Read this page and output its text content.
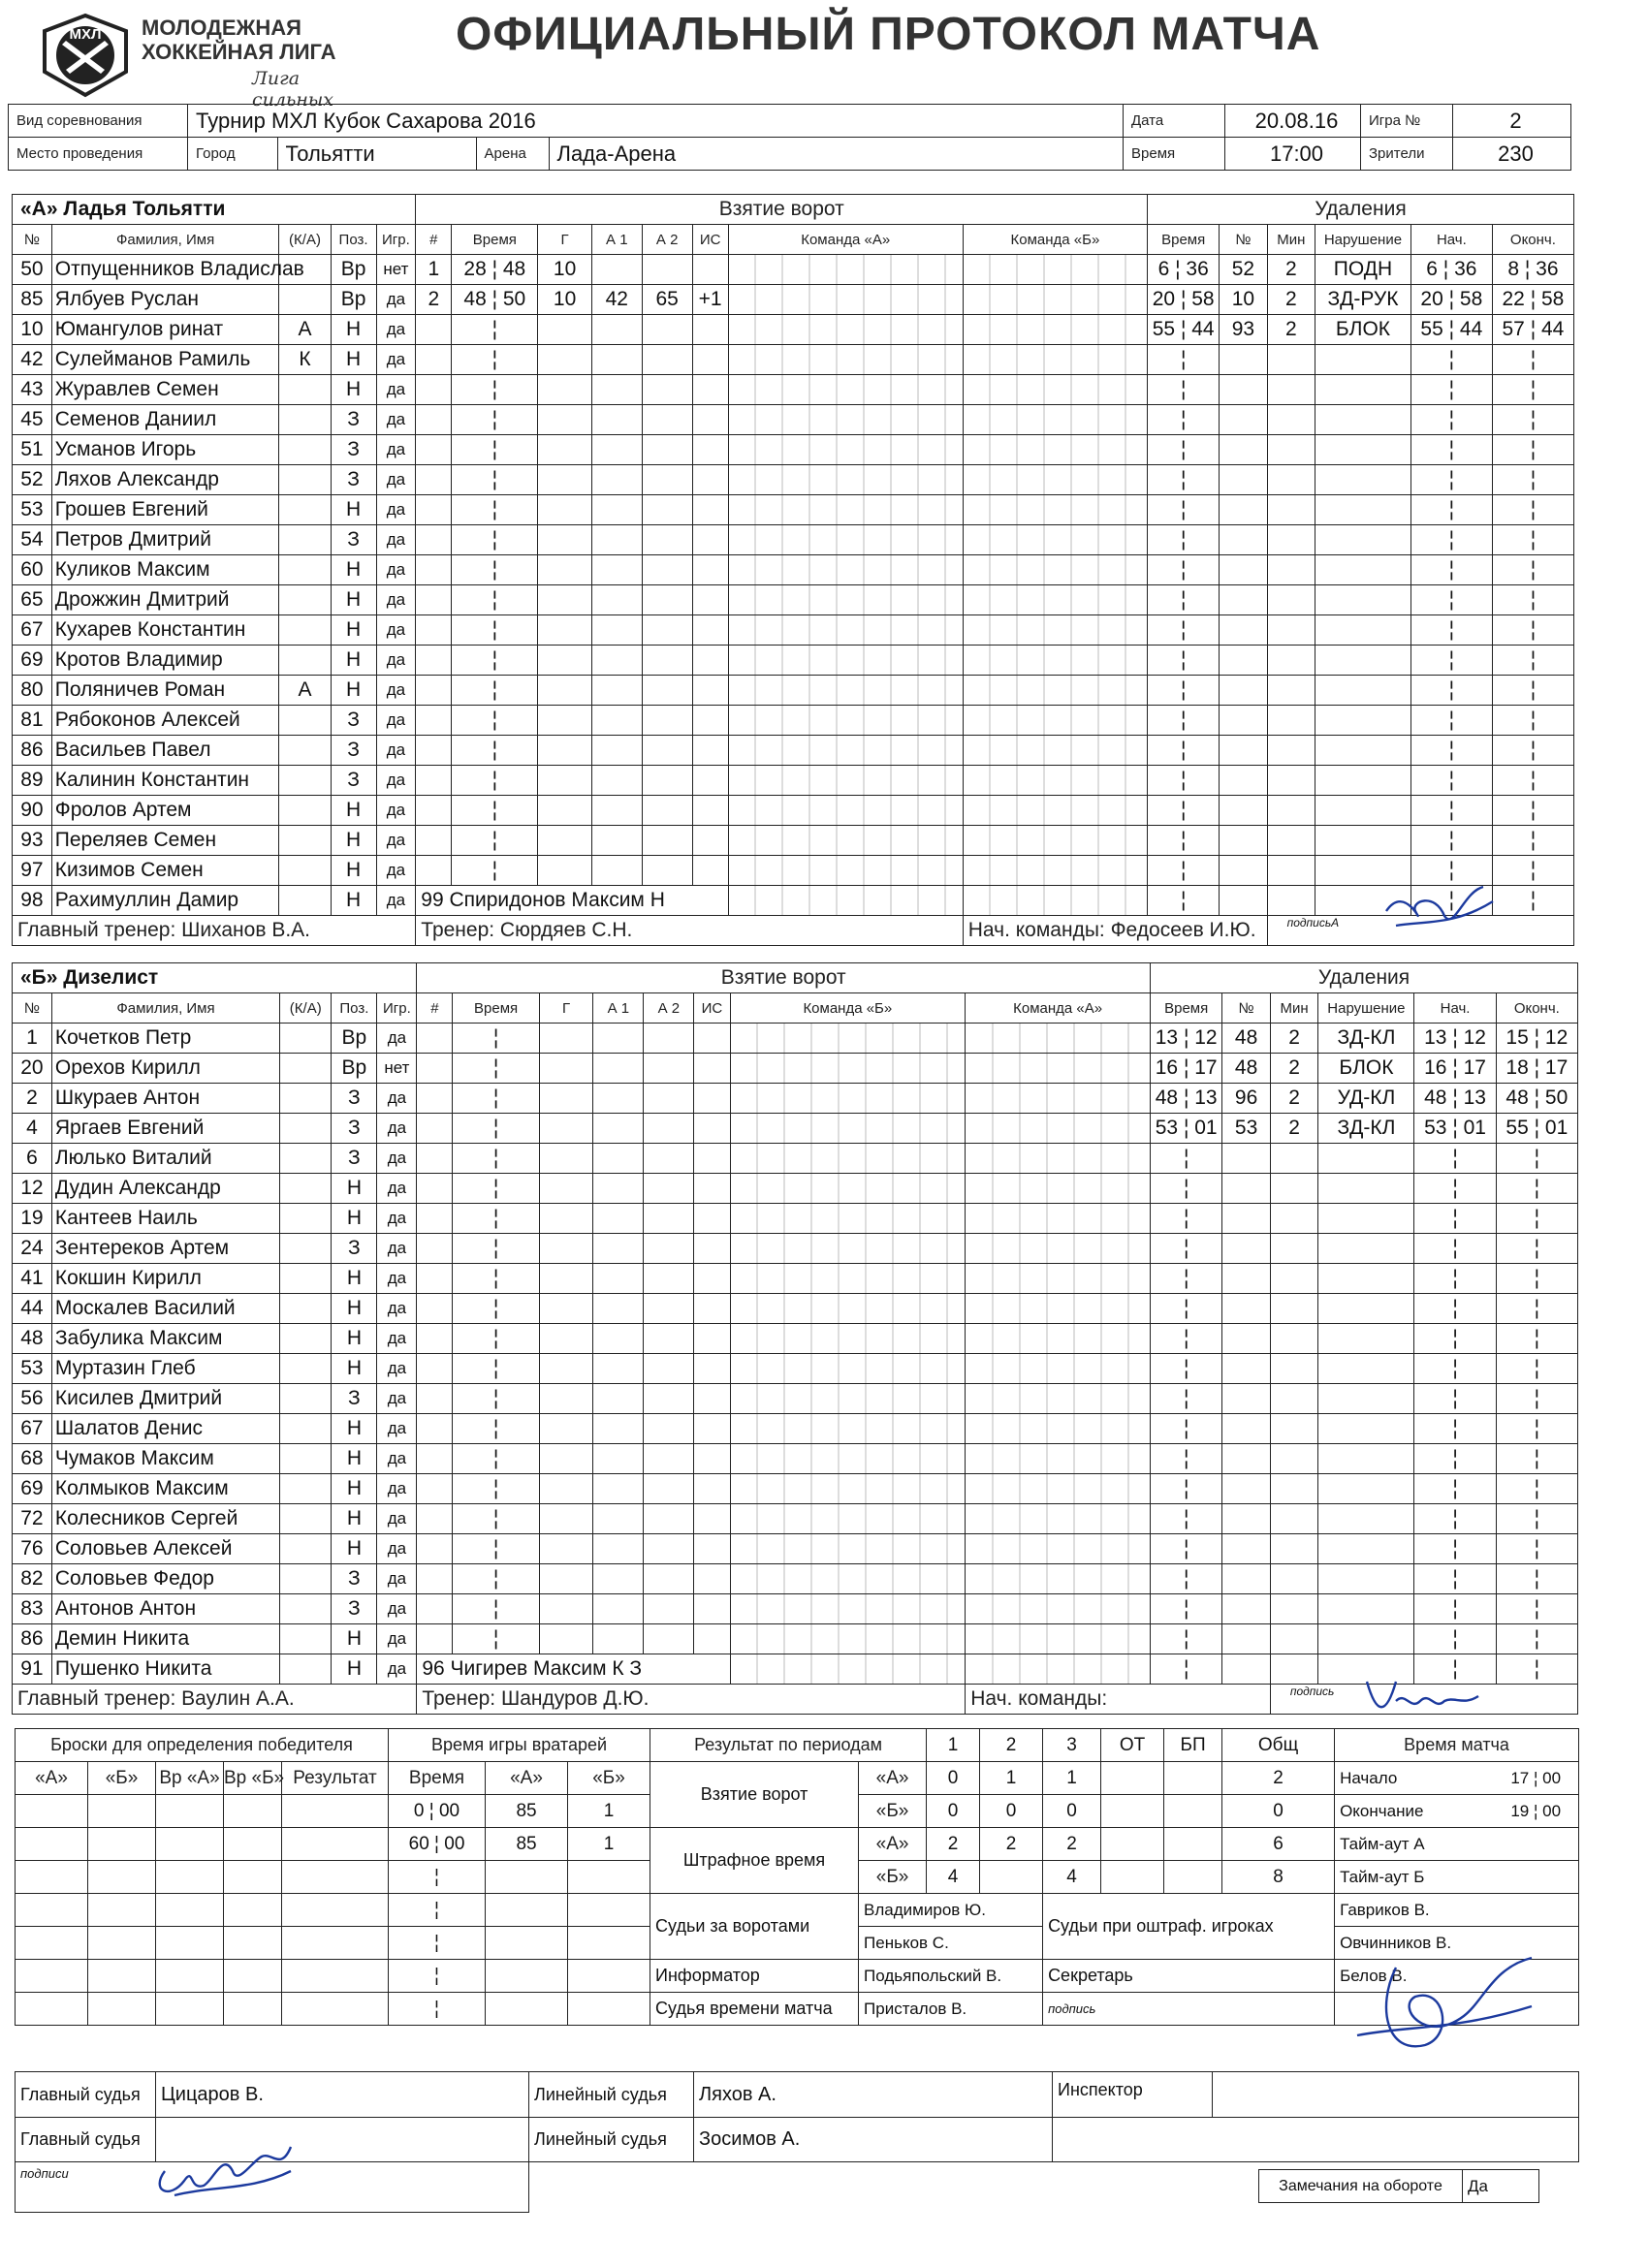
МХЛ МОЛОДЕЖНАЯ
ХОККЕЙНАЯ ЛИГА
Лига сильных
ОФИЦИАЛЬНЫЙ ПРОТОКОЛ МАТЧА
Вид соревнования	Турнир МХЛ Кубок Сахарова 2016	Дата	20.08.16	Игра №	2
Место проведения		Город	Тольятти	Арена	Лада-Арена
		Время	17:00	Зрители	230
«А» Ладья Тольятти					Взятие ворот								Удаления					
№	Фамилия, Имя	(К/А)	Поз.	Игр.	#	Время	Г	А 1	А 2	ИС	Команда «А»	Команда «Б»	Время	№	Мин	Нарушение	Нач.	Оконч.
50	Отпущенников Владислав		Вр	нет	1	28 ¦ 48	10						6 ¦ 36	52	2	ПОДН	6 ¦ 36	8 ¦ 36
85	Ялбуев Руслан		Вр	да	2	48 ¦ 50	10	42	65	+1			20 ¦ 58	10	2	ЗД-РУК	20 ¦ 58	22 ¦ 58
10	Юмангулов ринат	А	Н	да		¦							55 ¦ 44	93	2	БЛОК	55 ¦ 44	57 ¦ 44
42	Сулейманов Рамиль	К	Н	да		¦							¦				¦	¦
43	Журавлев Семен		Н	да		¦							¦				¦	¦
45	Семенов Даниил		З	да		¦							¦				¦	¦
51	Усманов Игорь		З	да		¦							¦				¦	¦
52	Ляхов Александр		З	да		¦							¦				¦	¦
53	Грошев Евгений		Н	да		¦							¦				¦	¦
54	Петров Дмитрий		З	да		¦							¦				¦	¦
60	Куликов Максим		Н	да		¦							¦				¦	¦
65	Дрожжин Дмитрий		Н	да		¦							¦				¦	¦
67	Кухарев Константин		Н	да		¦							¦				¦	¦
69	Кротов Владимир		Н	да		¦							¦				¦	¦
80	Поляничев Роман	А	Н	да		¦							¦				¦	¦
81	Рябоконов Алексей		З	да		¦							¦				¦	¦
86	Васильев Павел		З	да		¦							¦				¦	¦
89	Калинин Константин		З	да		¦							¦				¦	¦
90	Фролов Артем		Н	да		¦							¦				¦	¦
93	Переляев Семен		Н	да		¦							¦				¦	¦
97	Кизимов Семен		Н	да		¦							¦				¦	¦
98	Рахимуллин Дамир		Н	да	99 Спиридонов Максим Н								¦				¦	¦
Главный тренер: Шиханов В.А.					Тренер: Сюрдяев С.Н.							Нач. команды: Федосеев И.Ю.			подписьА			
«Б» Дизелист					Взятие ворот								Удаления					
№	Фамилия, Имя	(К/А)	Поз.	Игр.	#	Время	Г	А 1	А 2	ИС	Команда «Б»	Команда «А»	Время	№	Мин	Нарушение	Нач.	Оконч.
1	Кочетков Петр		Вр	да		¦							13 ¦ 12	48	2	ЗД-КЛ	13 ¦ 12	15 ¦ 12
20	Орехов Кирилл		Вр	нет		¦							16 ¦ 17	48	2	БЛОК	16 ¦ 17	18 ¦ 17
2	Шкураев Антон		З	да		¦							48 ¦ 13	96	2	УД-КЛ	48 ¦ 13	48 ¦ 50
4	Яргаев Евгений		З	да		¦							53 ¦ 01	53	2	ЗД-КЛ	53 ¦ 01	55 ¦ 01
6	Люлько Виталий		З	да		¦							¦				¦	¦
12	Дудин Александр		Н	да		¦							¦				¦	¦
19	Кантеев Наиль		Н	да		¦							¦				¦	¦
24	Зентереков Артем		З	да		¦							¦				¦	¦
41	Кокшин Кирилл		Н	да		¦							¦				¦	¦
44	Москалев Василий		Н	да		¦							¦				¦	¦
48	Забулика Максим		Н	да		¦							¦				¦	¦
53	Муртазин Глеб		Н	да		¦							¦				¦	¦
56	Кисилев Дмитрий		З	да		¦							¦				¦	¦
67	Шалатов Денис		Н	да		¦							¦				¦	¦
68	Чумаков Максим		Н	да		¦							¦				¦	¦
69	Колмыков Максим		Н	да		¦							¦				¦	¦
72	Колесников Сергей		Н	да		¦							¦				¦	¦
76	Соловьев Алексей		Н	да		¦							¦				¦	¦
82	Соловьев Федор		З	да		¦							¦				¦	¦
83	Антонов Антон		З	да		¦							¦				¦	¦
86	Демин Никита		Н	да		¦							¦				¦	¦
91	Пушенко Никита		Н	да	96 Чигирев Максим К З								¦				¦	¦
Главный тренер: Ваулин А.А.					Тренер: Шандуров Д.Ю.							Нач. команды:			подпись			
Броски для определения победителя					Время игры вратарей			Результат по периодам		1	2	3	ОТ	БП	Общ	Время матча
«А»	«Б»	Вр «А»	Вр «Б»	Результат	Время	«А»	«Б»	Взятие ворот	«А»	0	1	1			2	Начало 17 ¦ 00

					0 ¦ 00	85	1		«Б»	0	0	0			0	Окончание 19 ¦ 00

					60 ¦ 00	85	1	Штрафное время	«А»	2	2	2			6	Тайм-аут А
					¦				«Б»	4		4			8	Тайм-аут Б
					¦			Судьи за воротами	Владимиров Ю.			Судьи при оштраф. игроках				Гавриков В.
					¦				Пеньков С.							Овчинников В.
					¦			Информатор	Подьяпольский В.			Секретарь				Белов В.
					¦			Судья времени матча	Присталов В.			подпись				
Главный судья	Цицаров В.	Линейный судья	Ляхов А.	Инспектор	
Главный судья		Линейный судья	Зосимов А.		
подписи					
Замечания на обороте	Да
